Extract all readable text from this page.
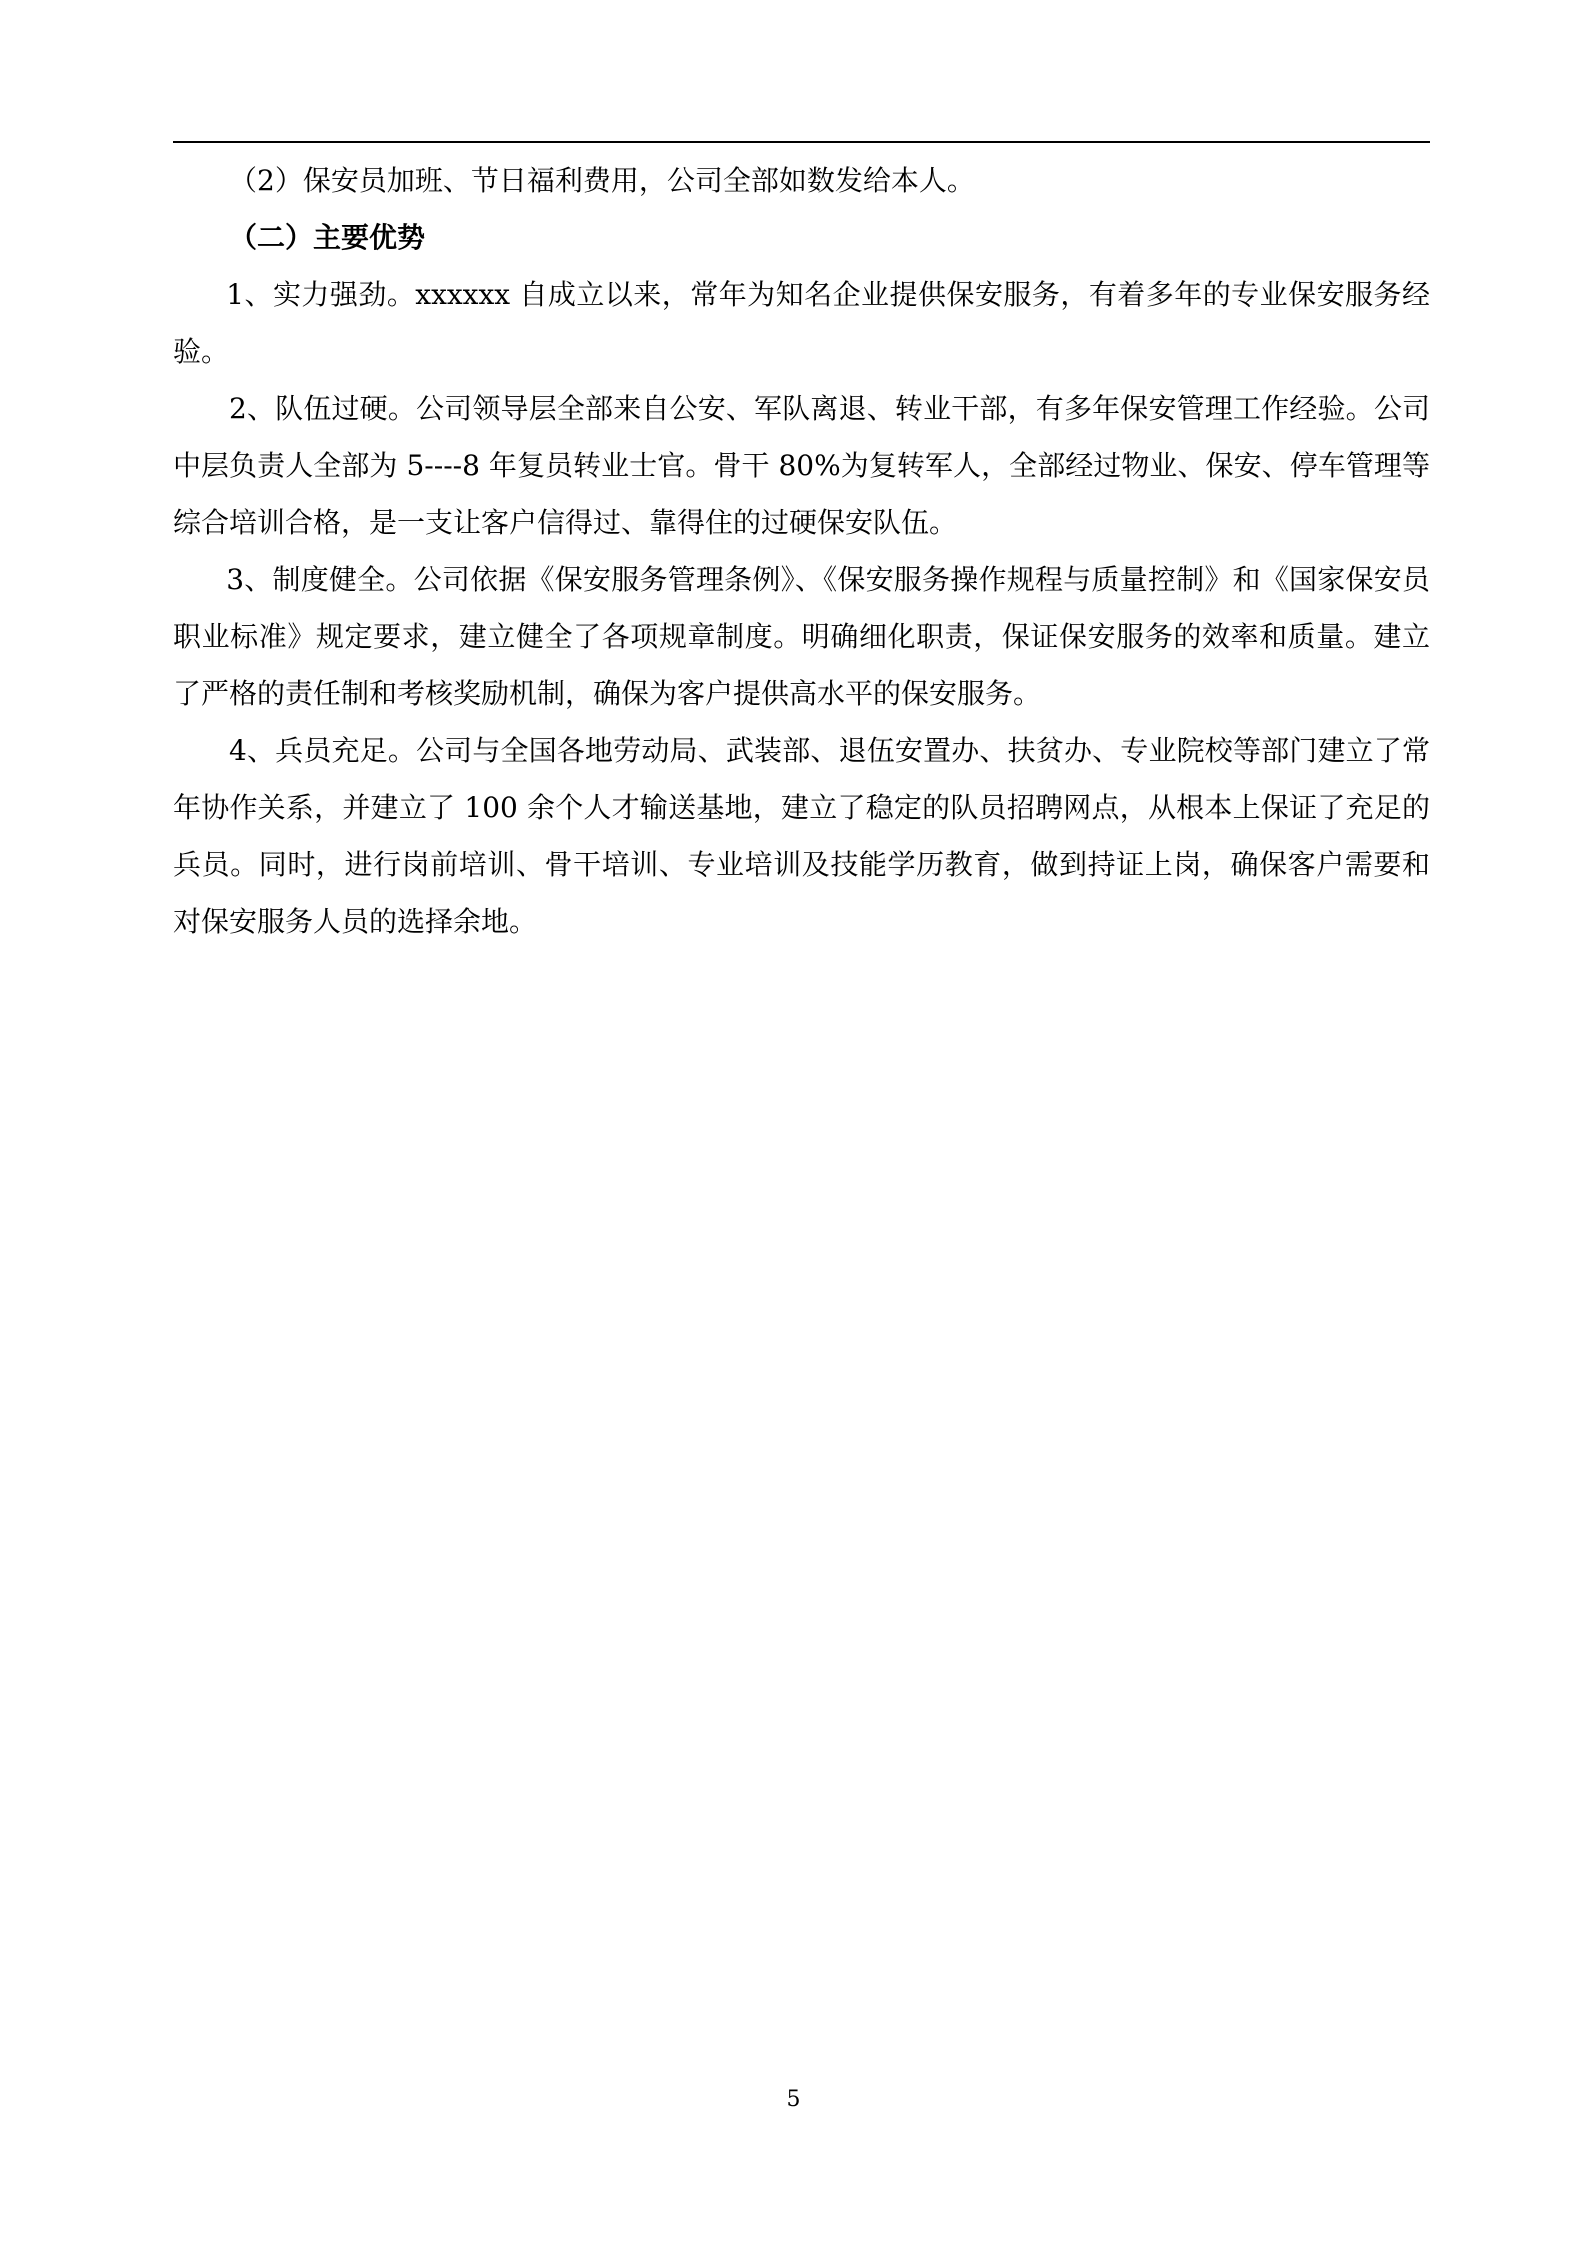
（2）保安员加班、节日福利费用，公司全部如数发给本人。

（二）主要优势

1、实力强劲。xxxxxx 自成立以来，常年为知名企业提供保安服务，有着多年的专业保安服务经验。

2、队伍过硬。公司领导层全部来自公安、军队离退、转业干部，有多年保安管理工作经验。公司中层负责人全部为 5----8 年复员转业士官。骨干 80%为复转军人，全部经过物业、保安、停车管理等综合培训合格，是一支让客户信得过、靠得住的过硬保安队伍。

3、制度健全。公司依据《保安服务管理条例》、《保安服务操作规程与质量控制》和《国家保安员职业标准》规定要求，建立健全了各项规章制度。明确细化职责，保证保安服务的效率和质量。建立了严格的责任制和考核奖励机制，确保为客户提供高水平的保安服务。

4、兵员充足。公司与全国各地劳动局、武装部、退伍安置办、扶贫办、专业院校等部门建立了常年协作关系，并建立了 100 余个人才输送基地，建立了稳定的队员招聘网点，从根本上保证了充足的兵员。同时，进行岗前培训、骨干培训、专业培训及技能学历教育，做到持证上岗，确保客户需要和对保安服务人员的选择余地。

5
